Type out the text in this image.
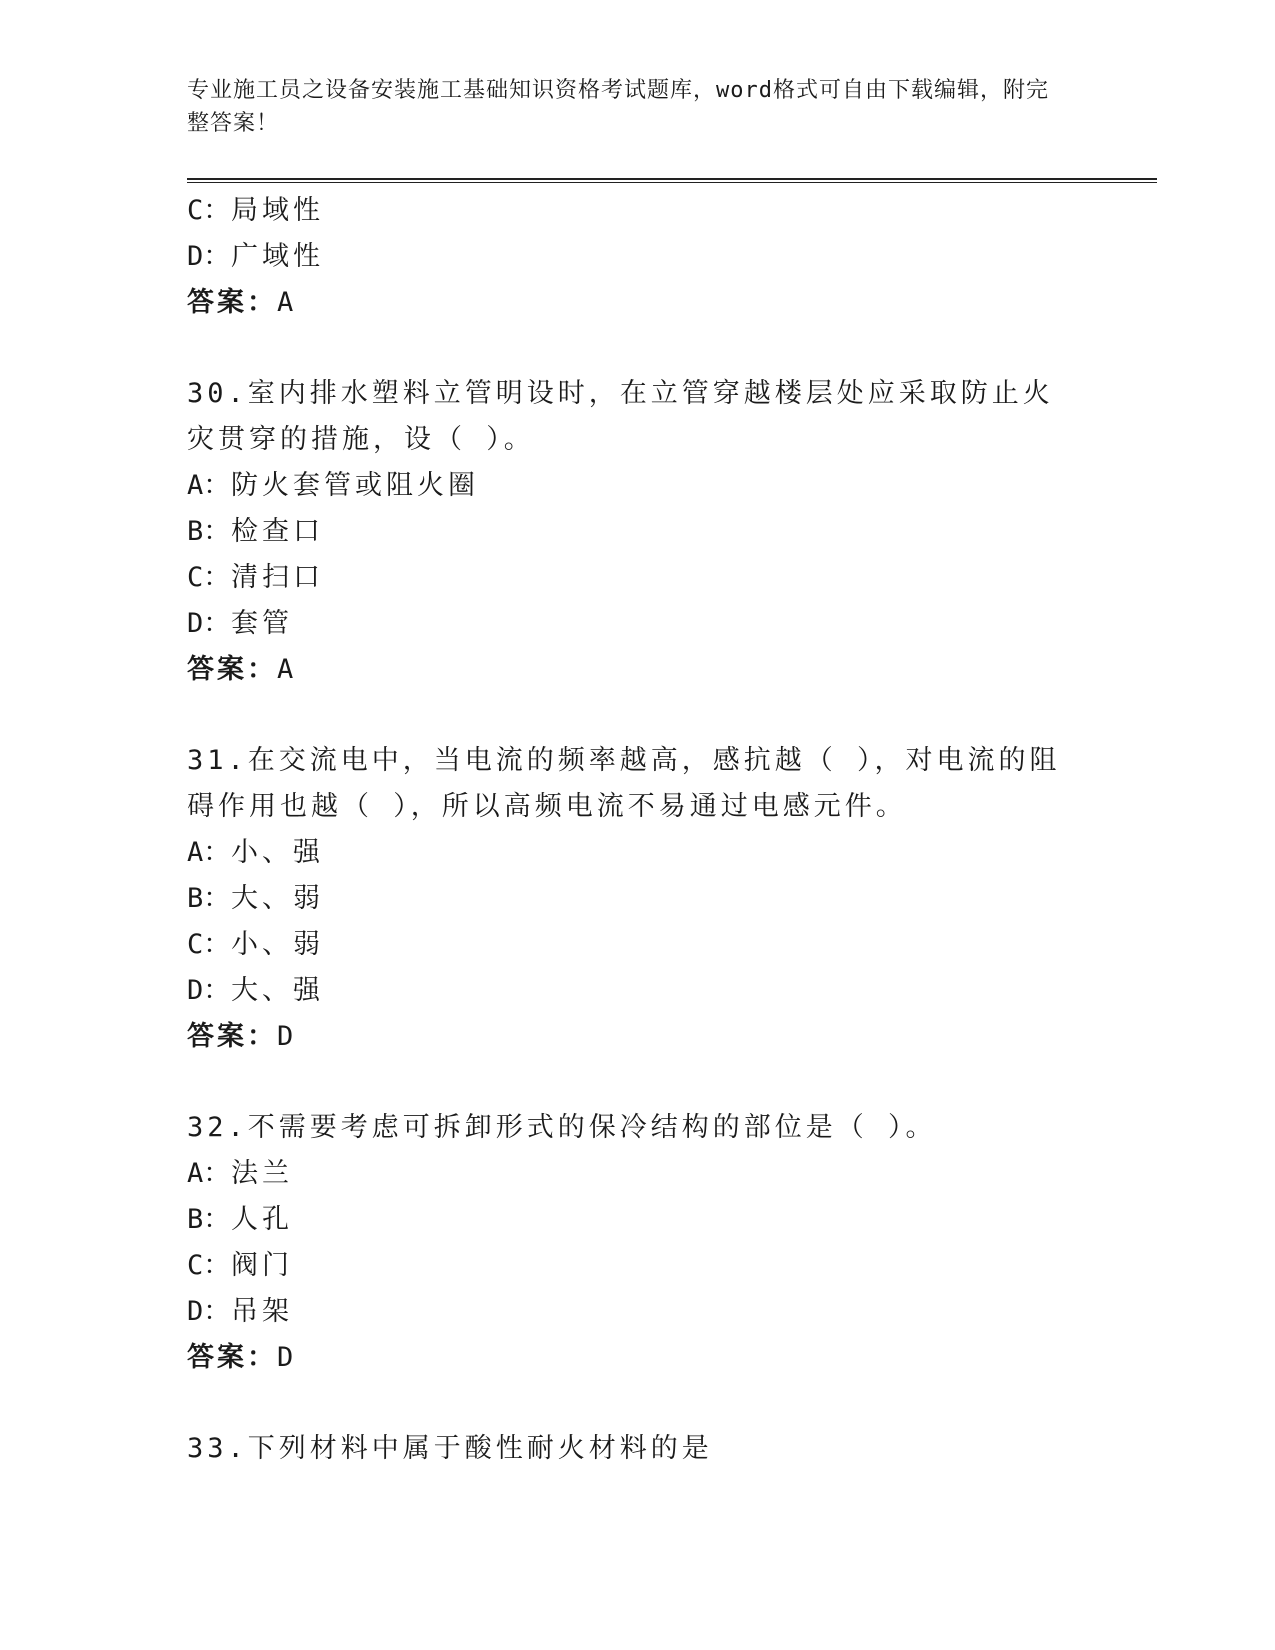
专业施工员之设备安装施工基础知识资格考试题库，word格式可自由下载编辑，附完整答案！
C：局域性
D：广域性
答案：A
30.室内排水塑料立管明设时，在立管穿越楼层处应采取防止火灾贯穿的措施，设（ ）。
A：防火套管或阻火圈
B：检查口
C：清扫口
D：套管
答案：A
31.在交流电中，当电流的频率越高，感抗越（ ），对电流的阻碍作用也越（ ），所以高频电流不易通过电感元件。
A：小、强
B：大、弱
C：小、弱
D：大、强
答案：D
32.不需要考虑可拆卸形式的保冷结构的部位是（ ）。
A：法兰
B：人孔
C：阀门
D：吊架
答案：D
33.下列材料中属于酸性耐火材料的是
